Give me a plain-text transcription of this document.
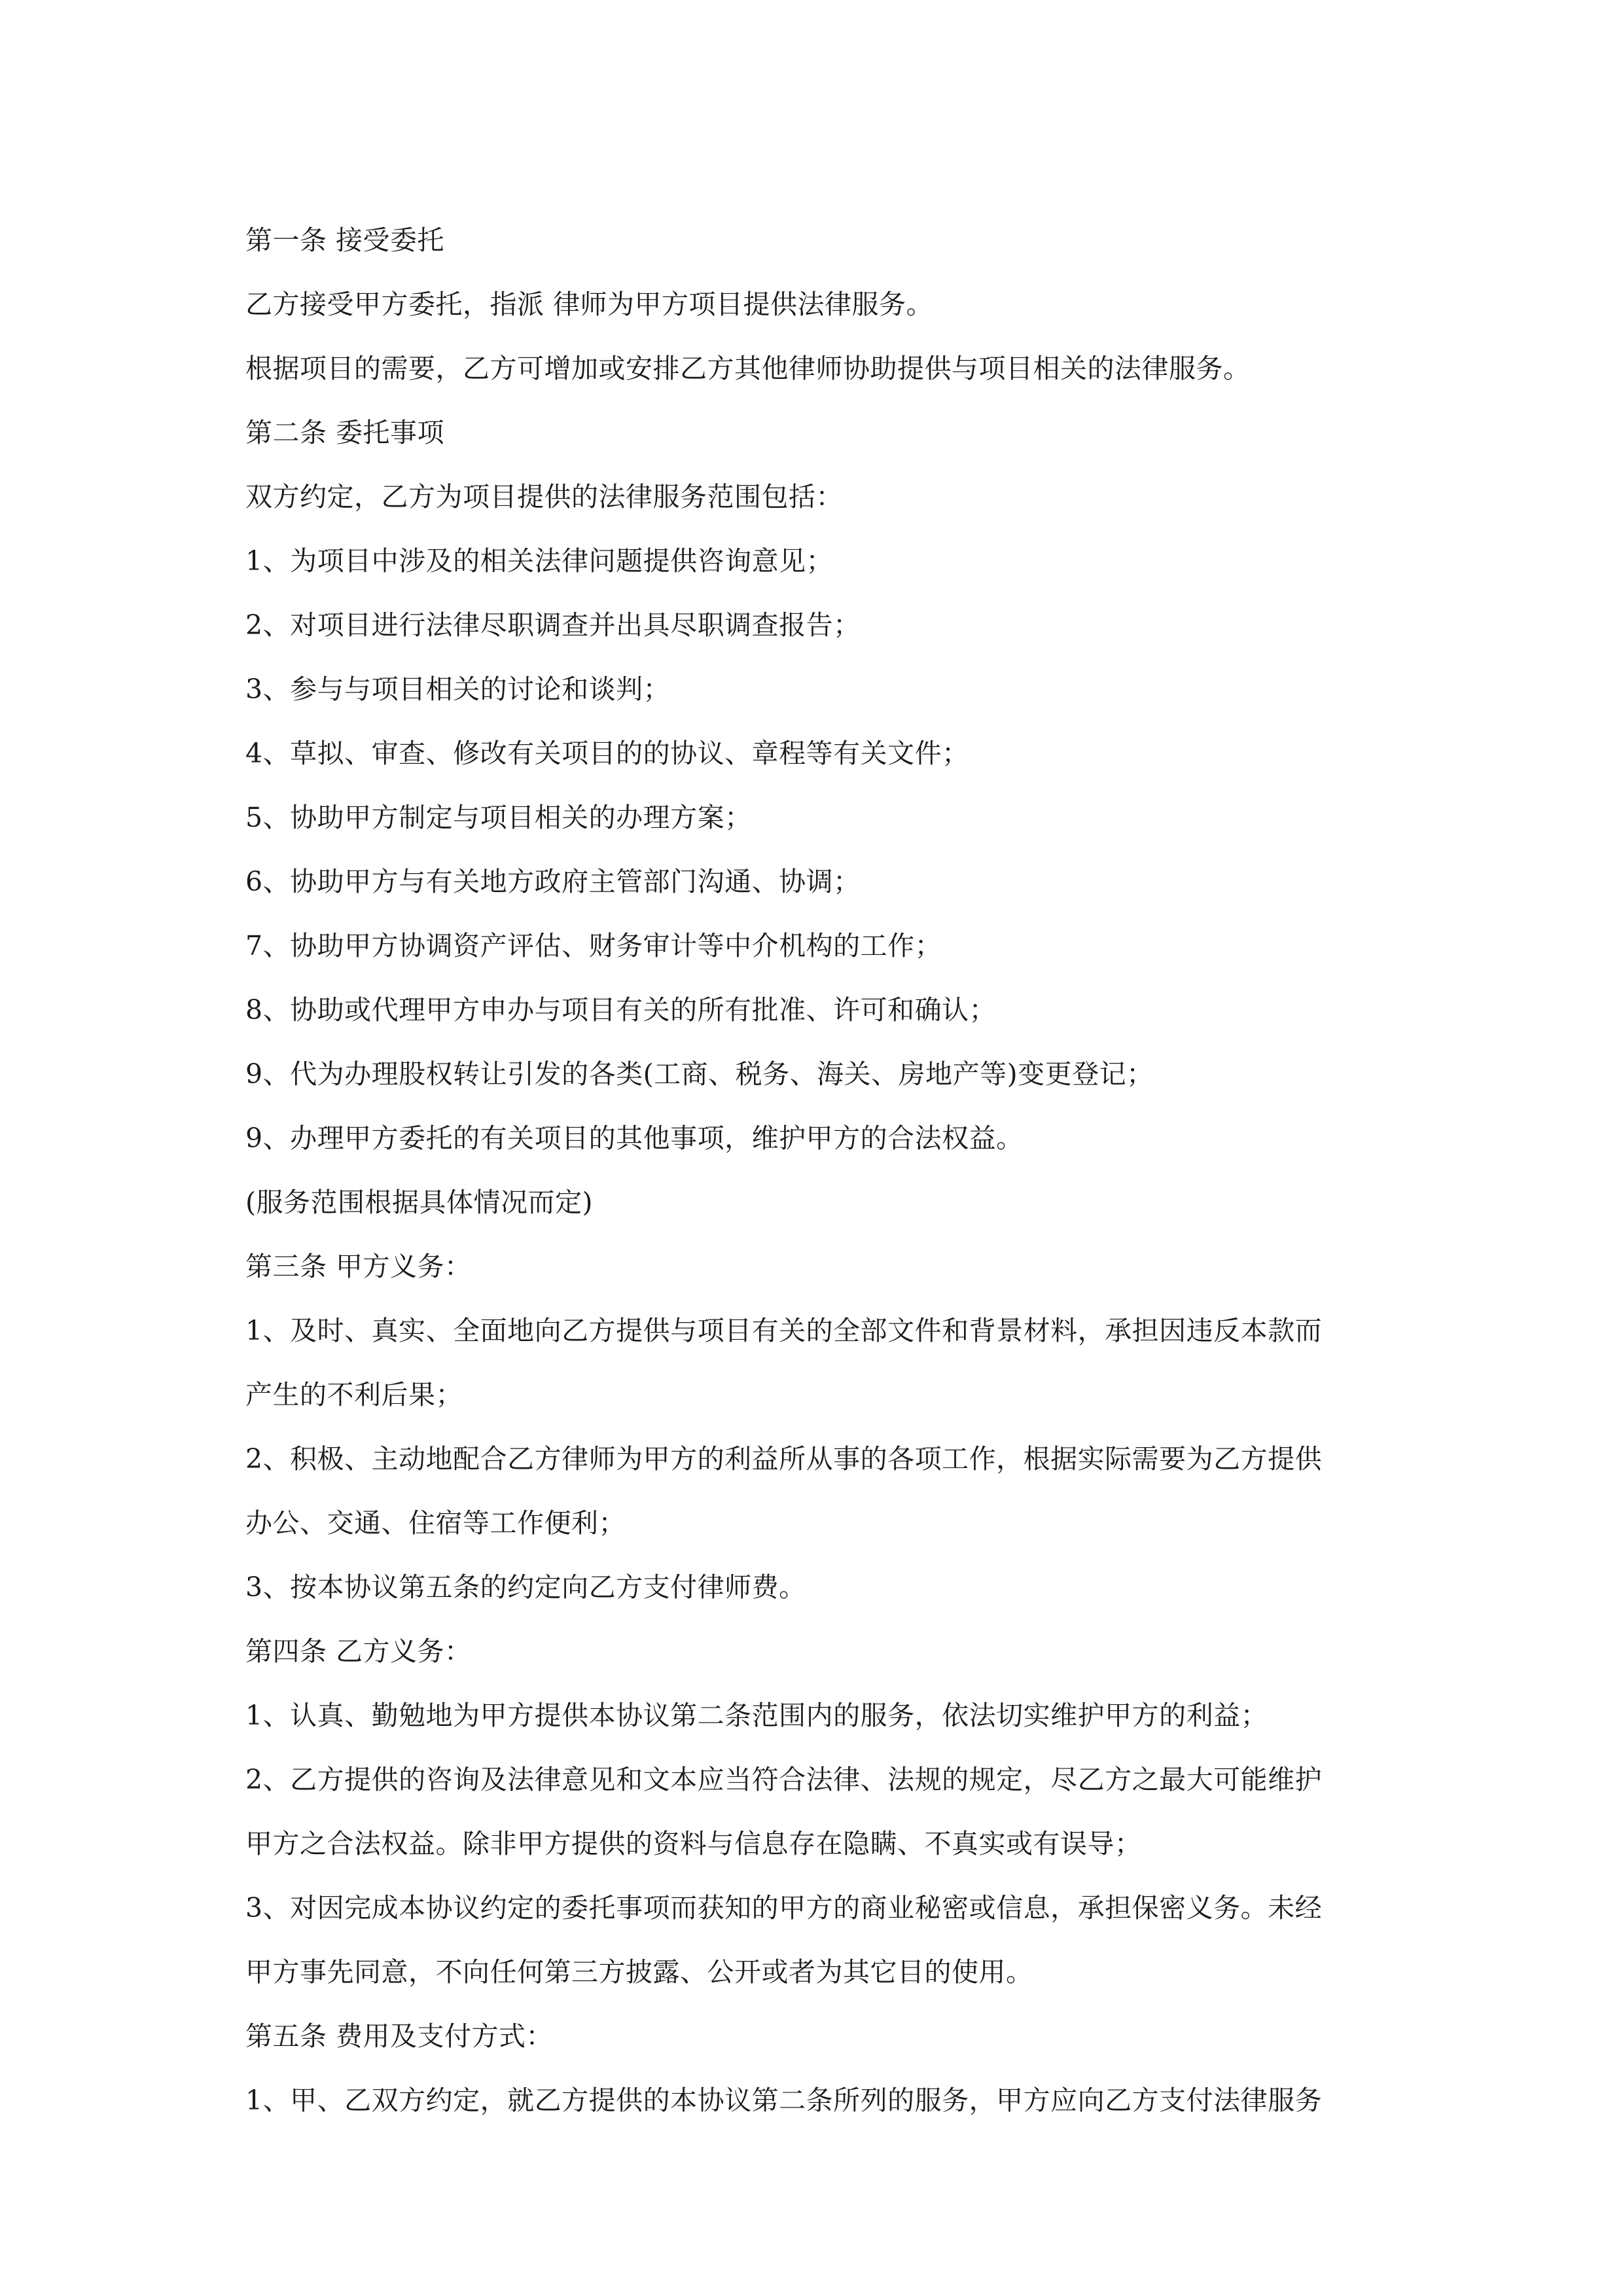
第一条 接受委托
乙方接受甲方委托，指派 律师为甲方项目提供法律服务。
根据项目的需要，乙方可增加或安排乙方其他律师协助提供与项目相关的法律服务。
第二条 委托事项
双方约定，乙方为项目提供的法律服务范围包括：
1、为项目中涉及的相关法律问题提供咨询意见；
2、对项目进行法律尽职调查并出具尽职调查报告；
3、参与与项目相关的讨论和谈判；
4、草拟、审查、修改有关项目的的协议、章程等有关文件；
5、协助甲方制定与项目相关的办理方案；
6、协助甲方与有关地方政府主管部门沟通、协调；
7、协助甲方协调资产评估、财务审计等中介机构的工作；
8、协助或代理甲方申办与项目有关的所有批准、许可和确认；
9、代为办理股权转让引发的各类(工商、税务、海关、房地产等)变更登记；
9、办理甲方委托的有关项目的其他事项，维护甲方的合法权益。
(服务范围根据具体情况而定)
第三条 甲方义务：
1、及时、真实、全面地向乙方提供与项目有关的全部文件和背景材料，承担因违反本款而
产生的不利后果；
2、积极、主动地配合乙方律师为甲方的利益所从事的各项工作，根据实际需要为乙方提供
办公、交通、住宿等工作便利；
3、按本协议第五条的约定向乙方支付律师费。
第四条 乙方义务：
1、认真、勤勉地为甲方提供本协议第二条范围内的服务，依法切实维护甲方的利益；
2、乙方提供的咨询及法律意见和文本应当符合法律、法规的规定，尽乙方之最大可能维护
甲方之合法权益。除非甲方提供的资料与信息存在隐瞒、不真实或有误导；
3、对因完成本协议约定的委托事项而获知的甲方的商业秘密或信息，承担保密义务。未经
甲方事先同意，不向任何第三方披露、公开或者为其它目的使用。
第五条 费用及支付方式：
1、甲、乙双方约定，就乙方提供的本协议第二条所列的服务，甲方应向乙方支付法律服务
